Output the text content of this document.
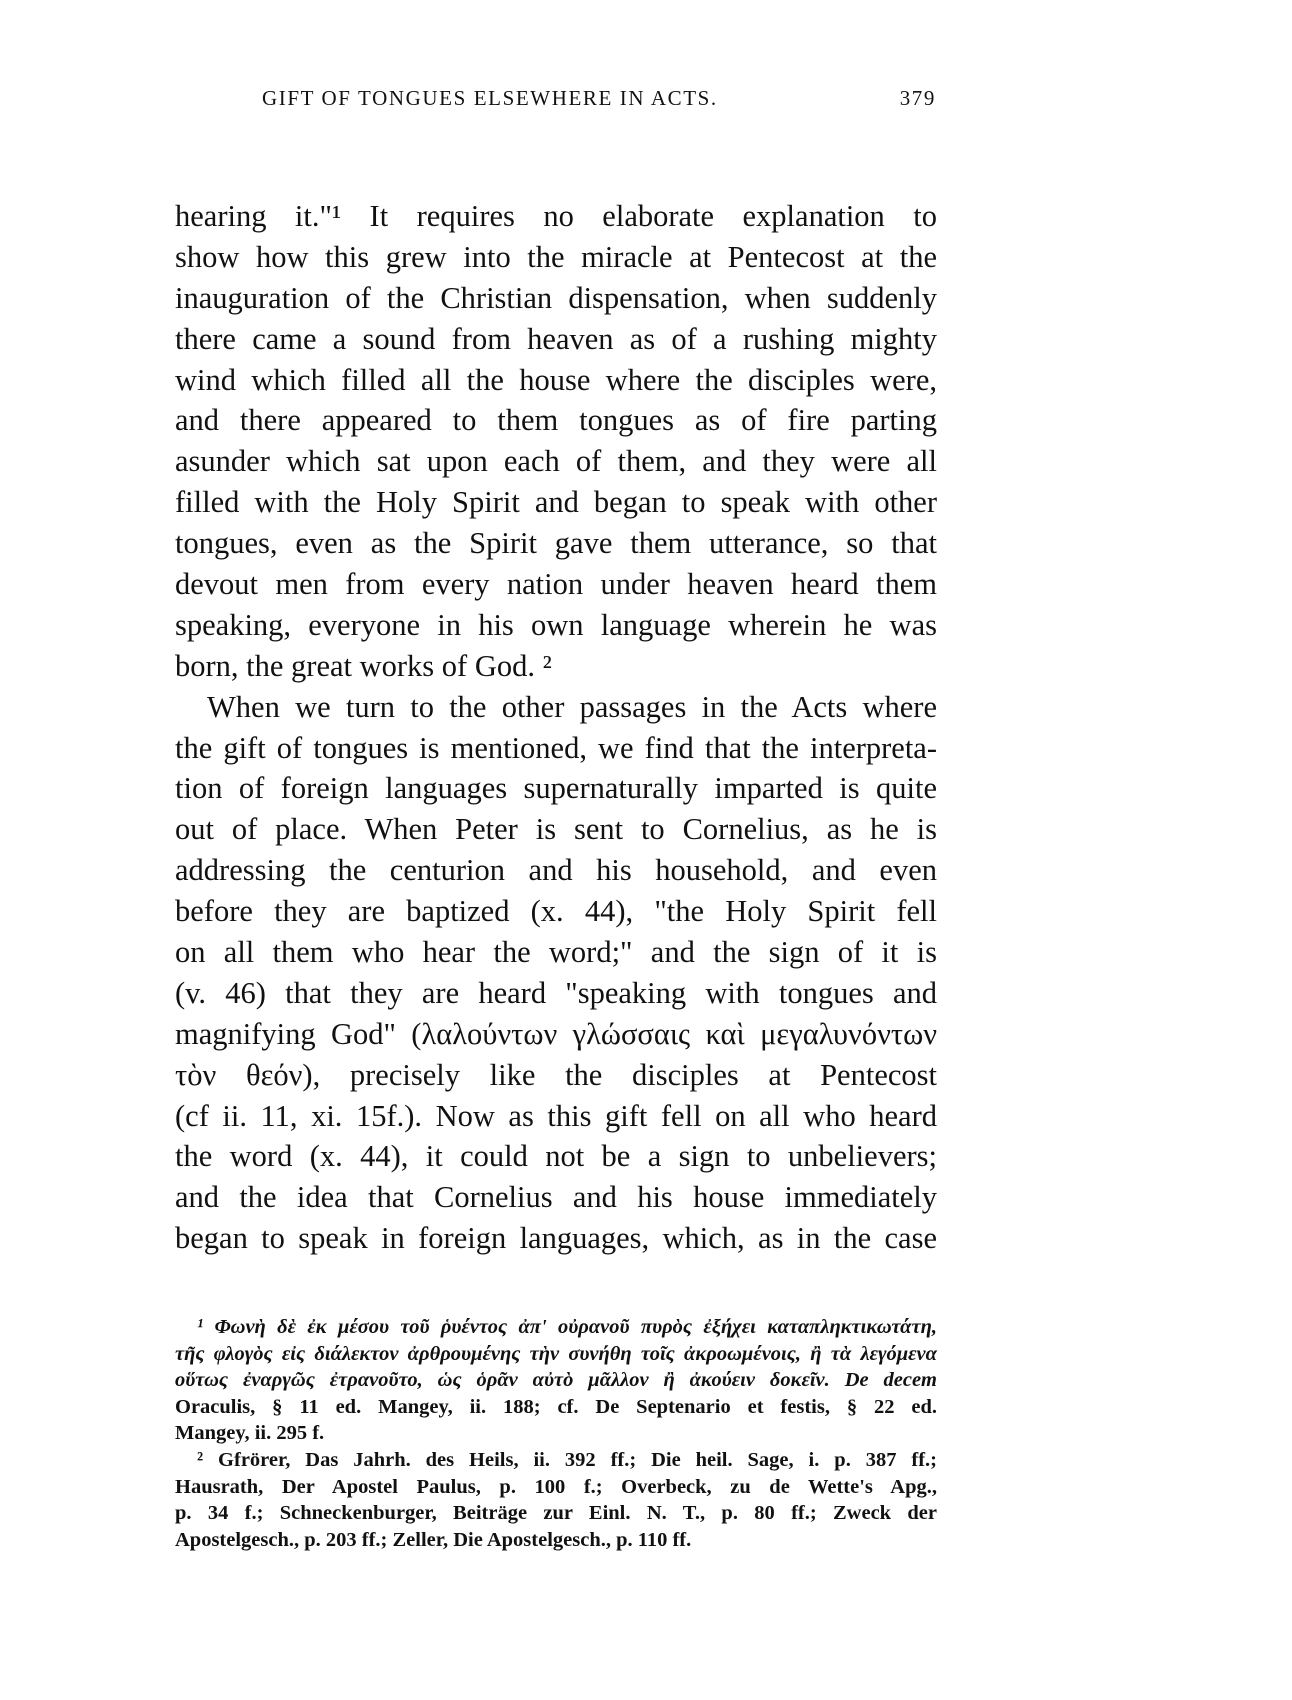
GIFT OF TONGUES ELSEWHERE IN ACTS.	379
hearing it."¹ It requires no elaborate explanation to
show how this grew into the miracle at Pentecost at the
inauguration of the Christian dispensation, when suddenly
there came a sound from heaven as of a rushing mighty
wind which filled all the house where the disciples were,
and there appeared to them tongues as of fire parting
asunder which sat upon each of them, and they were all
filled with the Holy Spirit and began to speak with other
tongues, even as the Spirit gave them utterance, so that
devout men from every nation under heaven heard them
speaking, everyone in his own language wherein he was
born, the great works of God. ²
When we turn to the other passages in the Acts where
the gift of tongues is mentioned, we find that the interpreta-
tion of foreign languages supernaturally imparted is quite
out of place. When Peter is sent to Cornelius, as he is
addressing the centurion and his household, and even
before they are baptized (x. 44), "the Holy Spirit fell
on all them who hear the word;" and the sign of it is
(v. 46) that they are heard "speaking with tongues and
magnifying God" (λαλούντων γλώσσαις καὶ μεγαλυνόντων
τὸν θεόν), precisely like the disciples at Pentecost
(cf ii. 11, xi. 15f.). Now as this gift fell on all who heard
the word (x. 44), it could not be a sign to unbelievers;
and the idea that Cornelius and his house immediately
began to speak in foreign languages, which, as in the case
¹ Φωνὴ δὲ ἐκ μέσου τοῦ ῥυέντος ἀπ' οὐρανοῦ πυρὸς ἐξήχει καταπληκτικωτάτη,
τῆς φλογὸς εἰς διάλεκτον ἀρθρουμένης τὴν συνήθη τοῖς ἀκροωμένοις, ἢ τὰ λεγόμενα
οὕτως ἐναργῶς ἐτρανοῦτο, ὡς ὁρᾶν αὐτὸ μᾶλλον ἢ ἀκούειν δοκεῖν. De decem
Oraculis, § 11 ed. Mangey, ii. 188; cf. De Septenario et festis, § 22 ed.
Mangey, ii. 295 f.
² Gfrörer, Das Jahrh. des Heils, ii. 392 ff.; Die heil. Sage, i. p. 387 ff.;
Hausrath, Der Apostel Paulus, p. 100 f.; Overbeck, zu de Wette's Apg.,
p. 34 f.; Schneckenburger, Beiträge zur Einl. N. T., p. 80 ff.; Zweck der
Apostelgesch., p. 203 ff.; Zeller, Die Apostelgesch., p. 110 ff.
